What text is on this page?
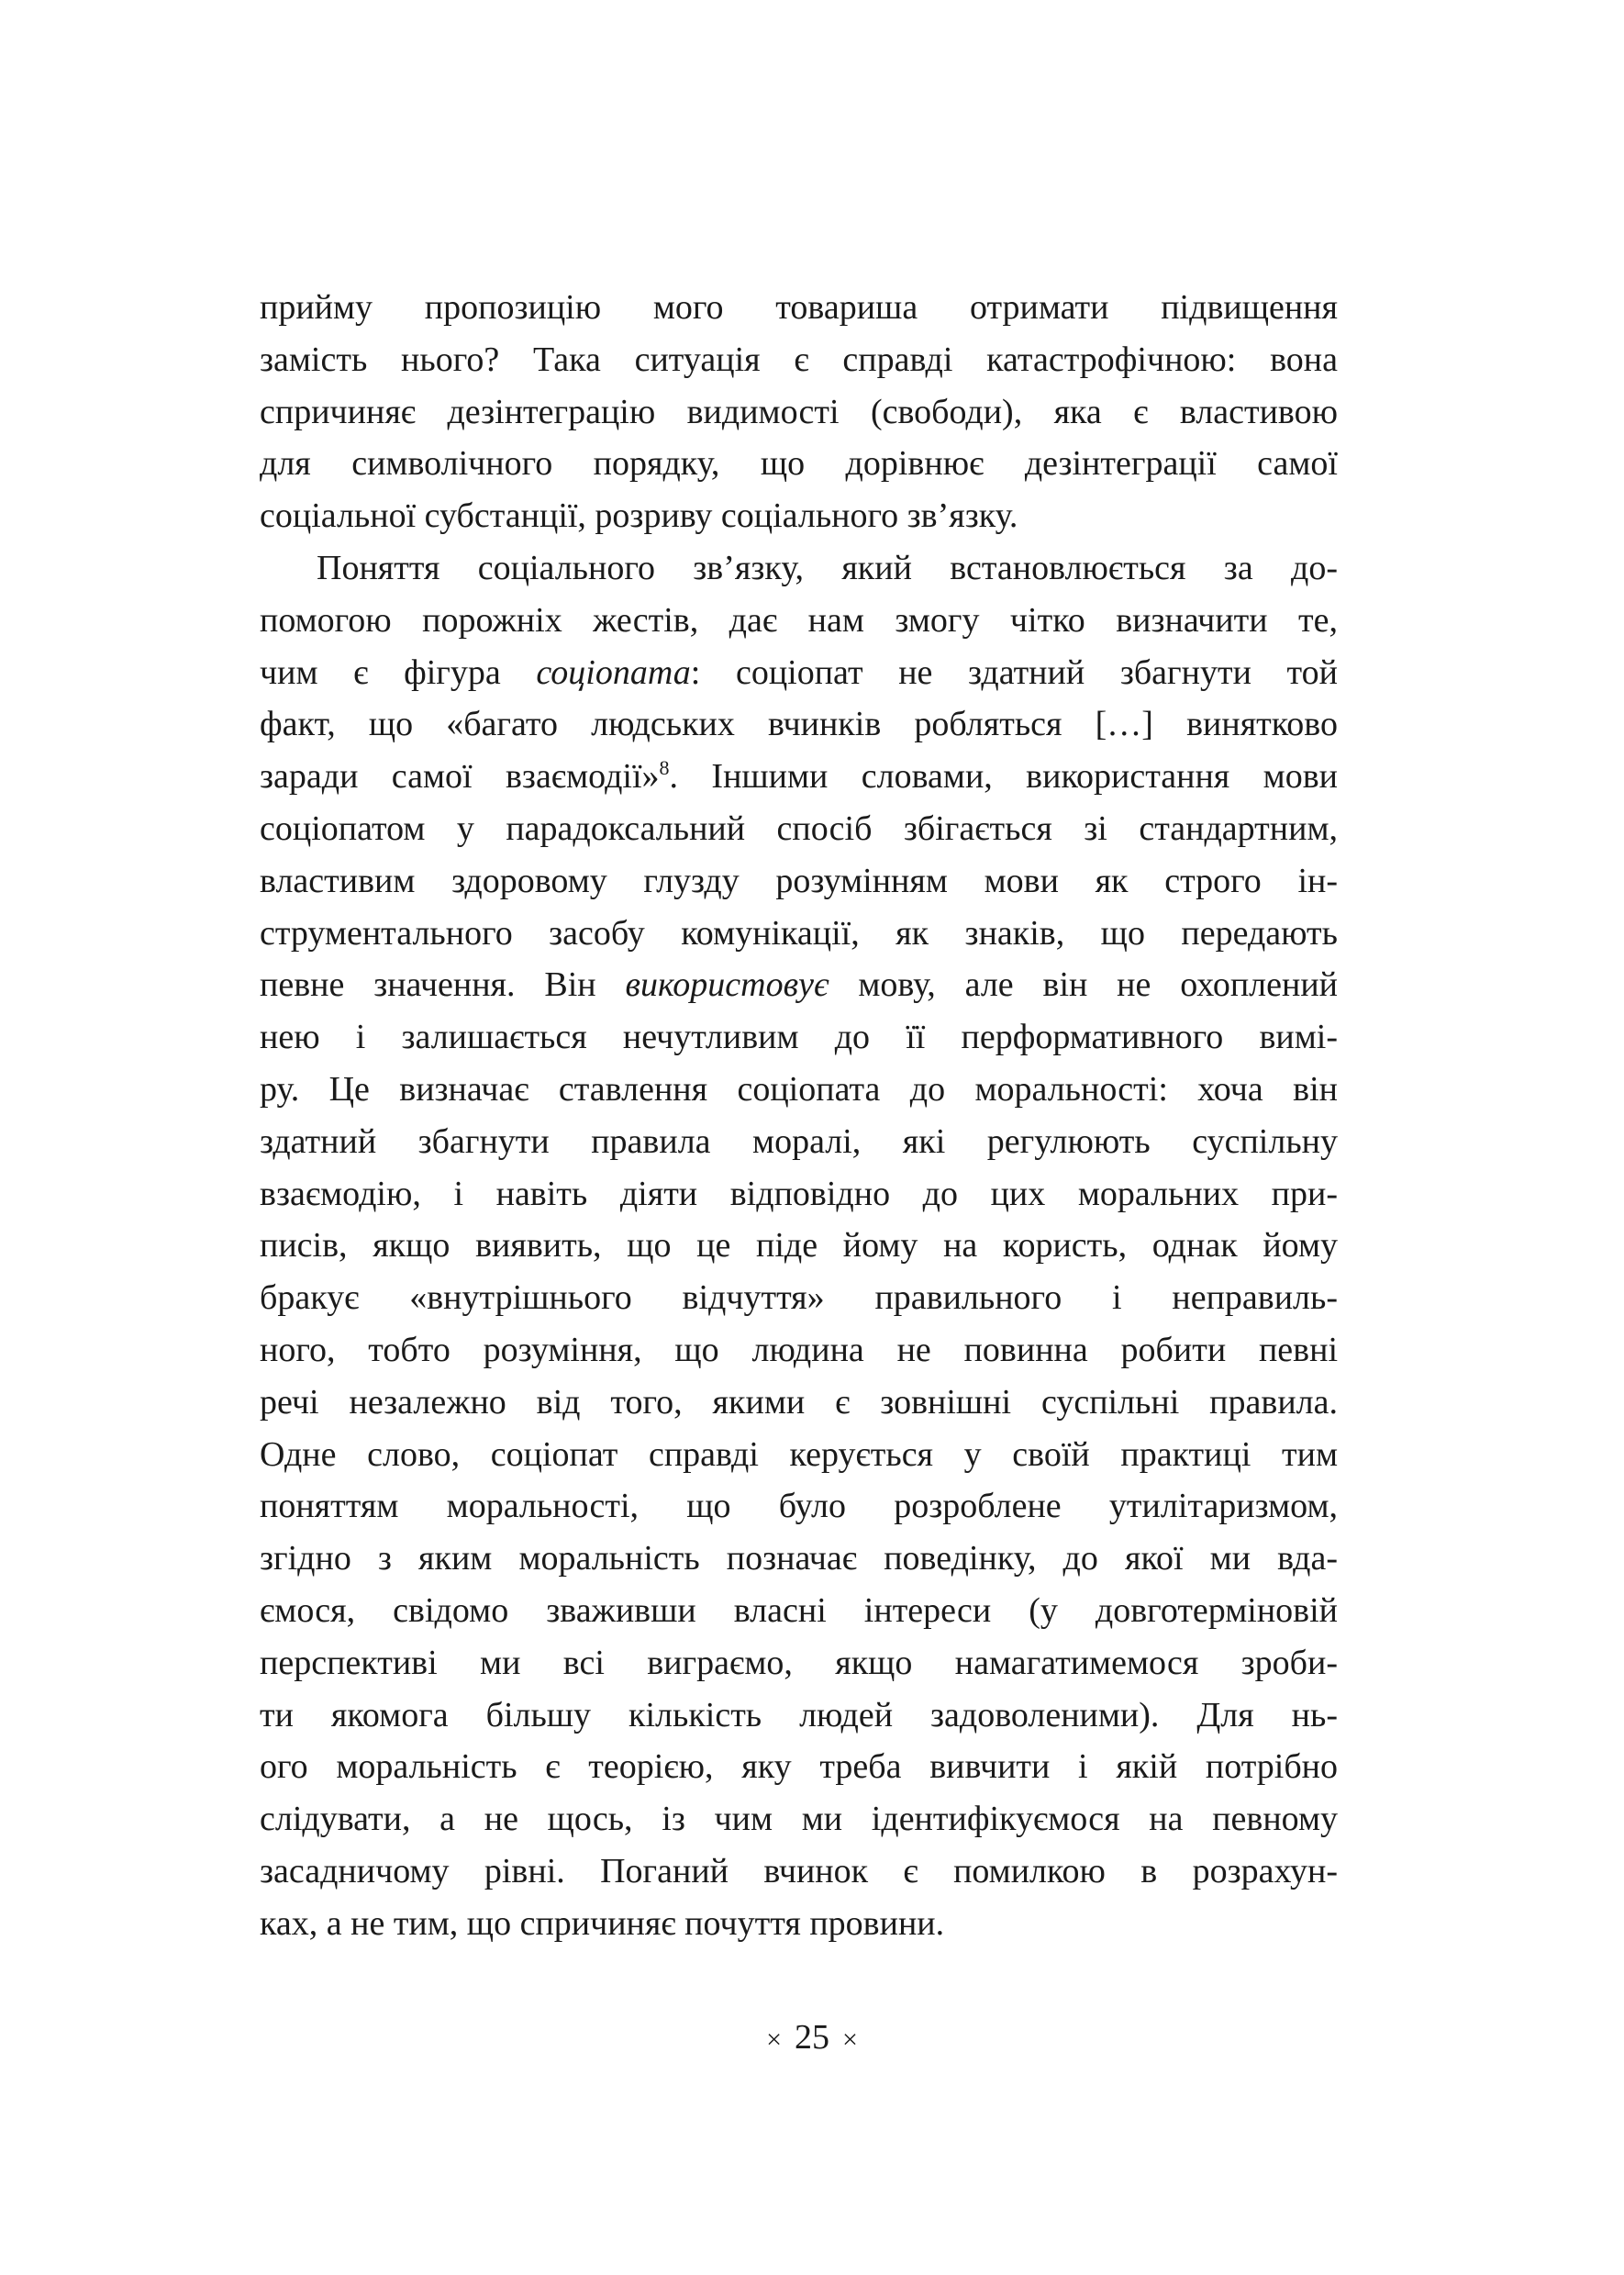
прийму пропозицію мого товариша отримати підвищення
замість нього? Така ситуація є справді катастрофічною: вона
спричиняє дезінтеграцію видимості (свободи), яка є властивою
для символічного порядку, що дорівнює дезінтеграції самої
соціальної субстанції, розриву соціального зв’язку.
Поняття соціального зв’язку, який встановлюється за до-
помогою порожніх жестів, дає нам змогу чітко визначити те,
чим є фігура соціопата: соціопат не здатний збагнути той
факт, що «багато людських вчинків робляться […] винятково
заради самої взаємодії»$^8$. Іншими словами, використання мови
соціопатом у парадоксальний спосіб збігається зі стандартним,
властивим здоровому глузду розумінням мови як строго ін-
струментального засобу комунікації, як знаків, що передають
певне значення. Він використовує мову, але він не охоплений
нею і залишається нечутливим до її перформативного вимі-
ру. Це визначає ставлення соціопата до моральності: хоча він
здатний збагнути правила моралі, які регулюють суспільну
взаємодію, і навіть діяти відповідно до цих моральних при-
писів, якщо виявить, що це піде йому на користь, однак йому
бракує «внутрішнього відчуття» правильного і неправиль-
ного, тобто розуміння, що людина не повинна робити певні
речі незалежно від того, якими є зовнішні суспільні правила.
Одне слово, соціопат справді керується у своїй практиці тим
поняттям моральності, що було розроблене утилітаризмом,
згідно з яким моральність позначає поведінку, до якої ми вда-
ємося, свідомо зваживши власні інтереси (у довготерміновій
перспективі ми всі виграємо, якщо намагатимемося зроби-
ти якомога більшу кількість людей задоволеними). Для нь-
ого моральність є теорією, яку треба вивчити і якій потрібно
слідувати, а не щось, із чим ми ідентифікуємося на певному
засадничому рівні. Поганий вчинок є помилкою в розрахун-
ках, а не тим, що спричиняє почуття провини.
× 25 ×
